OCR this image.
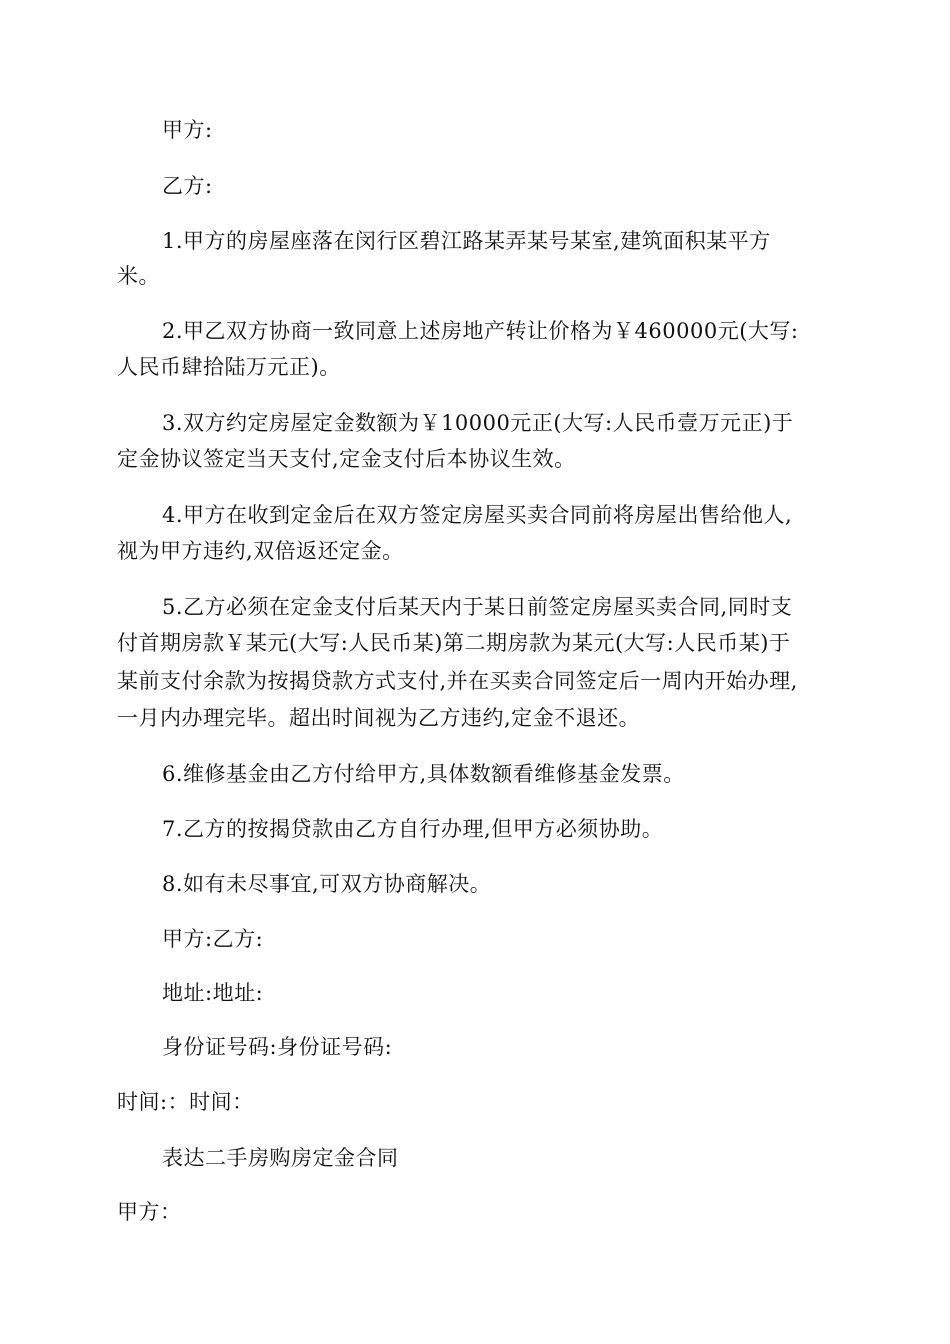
甲方:
乙方:
1.甲方的房屋座落在闵行区碧江路某弄某号某室,建筑面积某平方
米。
2.甲乙双方协商一致同意上述房地产转让价格为￥460000元(大写:
人民币肆拾陆万元正)。
3.双方约定房屋定金数额为￥10000元正(大写:人民币壹万元正)于
定金协议签定当天支付,定金支付后本协议生效。
4.甲方在收到定金后在双方签定房屋买卖合同前将房屋出售给他人,
视为甲方违约,双倍返还定金。
5.乙方必须在定金支付后某天内于某日前签定房屋买卖合同,同时支
付首期房款￥某元(大写:人民币某)第二期房款为某元(大写:人民币某)于
某前支付余款为按揭贷款方式支付,并在买卖合同签定后一周内开始办理,
一月内办理完毕。超出时间视为乙方违约,定金不退还。
6.维修基金由乙方付给甲方,具体数额看维修基金发票。
7.乙方的按揭贷款由乙方自行办理,但甲方必须协助。
8.如有未尽事宜,可双方协商解决。
甲方:乙方:
地址:地址:
身份证号码:身份证号码:
时间:：时间：
表达二手房购房定金合同
甲方：
